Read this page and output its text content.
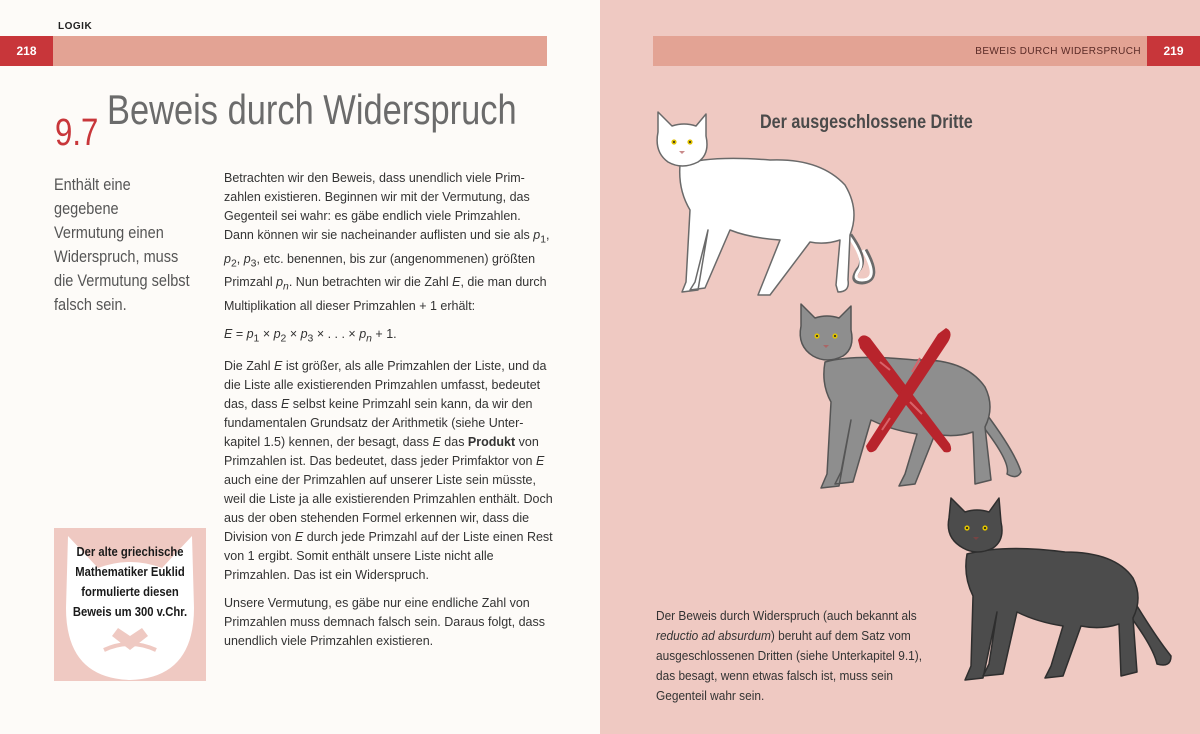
LOGIK
218
9.7 Beweis durch Widerspruch
Enthält eine gegebene
Vermutung einen
Widerspruch, muss
die Vermutung selbst
falsch sein.

Betrachten wir den Beweis, dass unendlich viele Prim-zahlen existieren. Beginnen wir mit der Vermutung, das Gegenteil sei wahr: es gäbe endlich viele Primzahlen. Dann können wir sie nacheinander auflisten und sie als $p_1$, $p_2$, $p_3$, etc. benennen, bis zur (angenommenen) größten Primzahl $p_n$. Nun betrachten wir die Zahl E, die man durch Multiplikation all dieser Primzahlen + 1 erhält:

$E = p_1 \times p_2 \times p_3$ × . . . × $p_n + 1$.

Die Zahl E ist größer, als alle Primzahlen der Liste, und da die Liste alle existierenden Primzahlen umfasst, bedeutet das, dass E selbst keine Primzahl sein kann, da wir den fundamentalen Grundsatz der Arithmetik (siehe Unter-kapitel 1.5) kennen, der besagt, dass E das Produkt von Primzahlen ist. Das bedeutet, dass jeder Primfaktor von E auch eine der Primzahlen auf unserer Liste sein müsste, weil die Liste ja alle existierenden Primzahlen enthält. Doch aus der oben stehenden Formel erkennen wir, dass die Division von E durch jede Primzahl auf der Liste einen Rest von 1 ergibt. Somit enthält unsere Liste nicht alle Primzahlen. Das ist ein Widerspruch.

Unsere Vermutung, es gäbe nur eine endliche Zahl von Primzahlen muss demnach falsch sein. Daraus folgt, dass unendlich viele Primzahlen existieren.

Der alte griechische
Mathematiker Euklid
formulierte diesen
Beweis um 300 v.Chr.
BEWEIS DURCH WIDERSPRUCH	219
Der ausgeschlossene Dritte
Der Beweis durch Widerspruch (auch bekannt als reductio ad absurdum) beruht auf dem Satz vom ausgeschlossenen Dritten (siehe Unterkapitel 9.1), das besagt, wenn etwas falsch ist, muss sein Gegenteil wahr sein.
